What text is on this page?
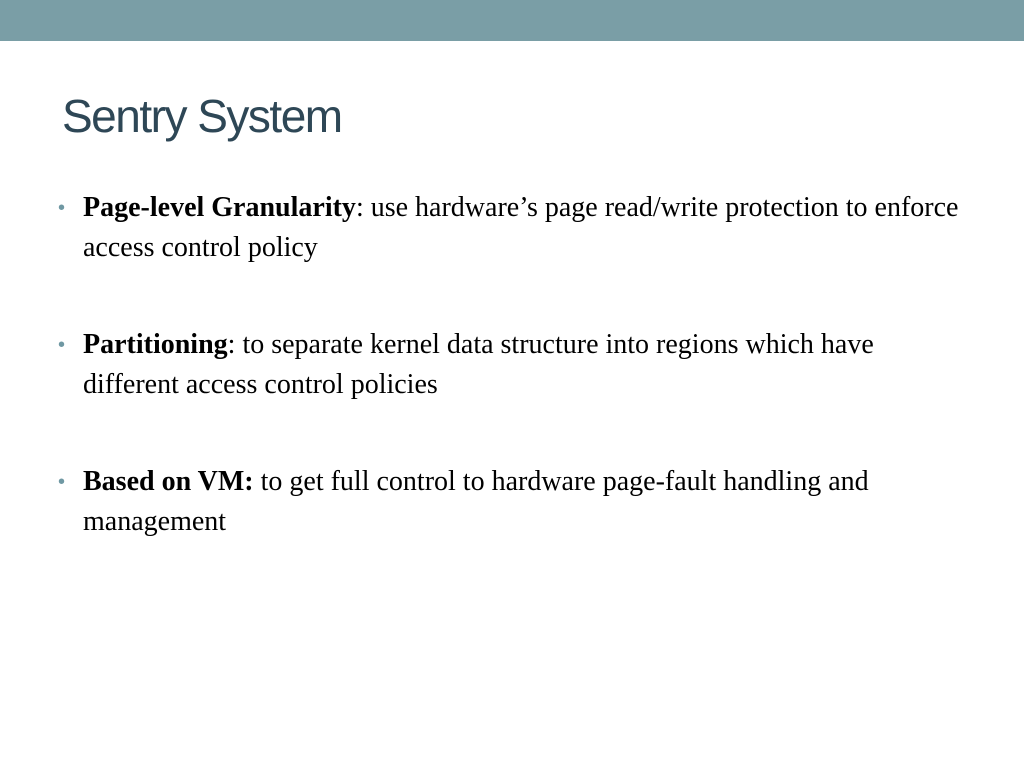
Sentry System
• Page-level Granularity: use hardware’s page read/write protection to enforce access control policy
• Partitioning: to separate kernel data structure into regions which have different access control policies
• Based on VM: to get full control to hardware page-fault handling and management
